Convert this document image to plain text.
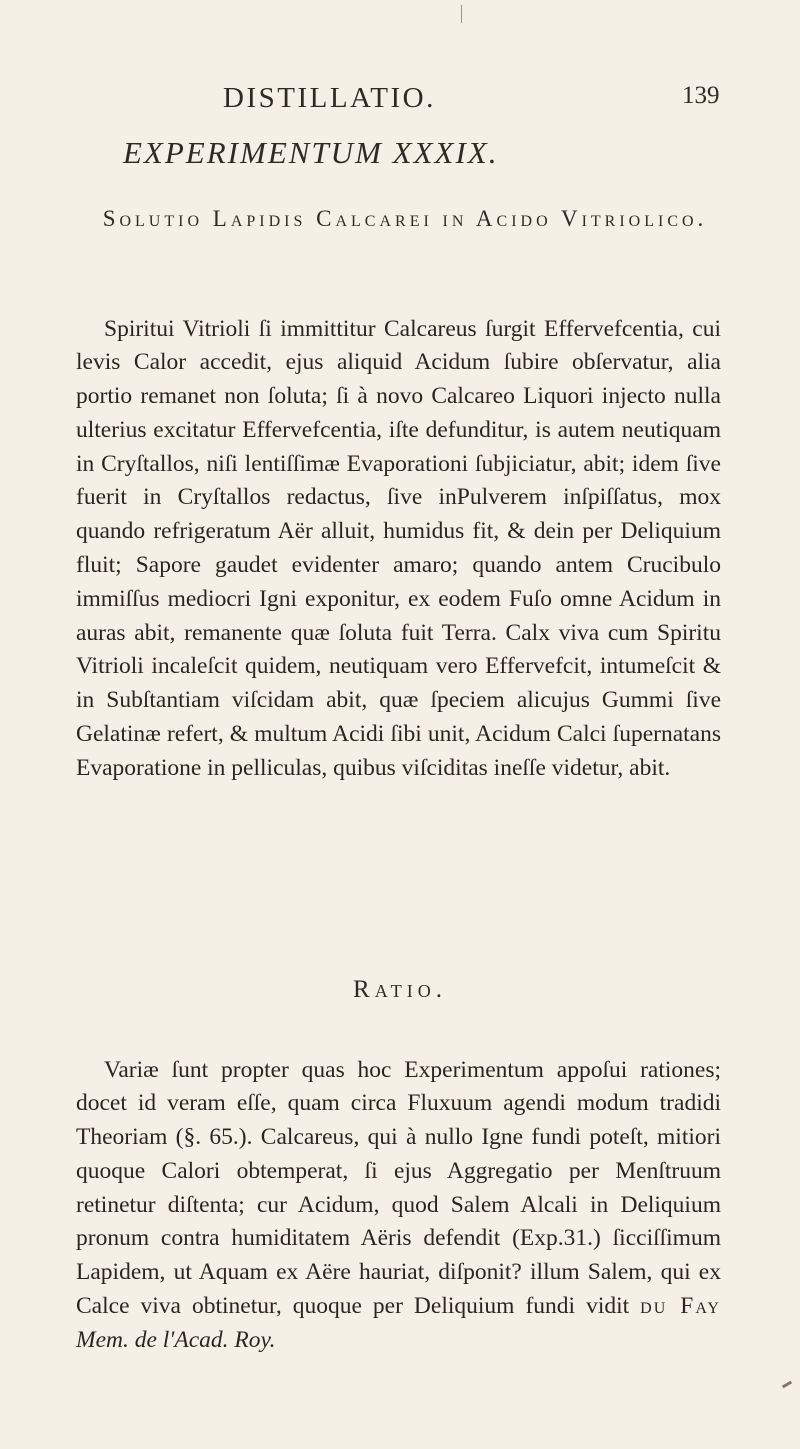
DISTILLATIO.	139
EXPERIMENTUM XXXIX.
Solutio Lapidis Calcarei in Acido Vitriolico.

Spiritui Vitrioli ſi immittitur Calcareus ſurgit Effervefcentia, cui levis Calor accedit, ejus aliquid Acidum ſubire obſervatur, alia portio remanet non ſoluta; ſi à novo Calcareo Liquori injecto nulla ulterius excitatur Effervefcentia, iſte defunditur, is autem neutiquam in Cryſtallos, niſi lentiſſimæ Evaporationi ſubjiciatur, abit; idem ſive fuerit in Cryſtallos redactus, ſive inPulverem inſpiſſatus, mox quando refrigeratum Aër alluit, humidus fit, & dein per Deliquium fluit; Sapore gaudet evidenter amaro; quando antem Crucibulo immiſſus mediocri Igni exponitur, ex eodem Fuſo omne Acidum in auras abit, remanente quæ ſoluta fuit Terra. Calx viva cum Spiritu Vitrioli incaleſcit quidem, neutiquam vero Effervefcit, intumeſcit & in Subſtantiam viſcidam abit, quæ ſpeciem alicujus Gummi ſive Gelatinæ refert, & multum Acidi ſibi unit, Acidum Calci ſupernatans Evaporatione in pelliculas, quibus viſciditas ineſſe videtur, abit.

Ratio.

Variæ ſunt propter quas hoc Experimentum appoſui rationes; docet id veram eſſe, quam circa Fluxuum agendi modum tradidi Theoriam (§. 65.). Calcareus, qui à nullo Igne fundi poteſt, mitiori quoque Calori obtemperat, ſi ejus Aggregatio per Menſtruum retinetur diſtenta; cur Acidum, quod Salem Alcali in Deliquium pronum contra humiditatem Aëris defendit (Exp.31.) ſicciſſimum Lapidem, ut Aquam ex Aëre hauriat, diſponit? illum Salem, qui ex Calce viva obtinetur, quoque per Deliquium fundi vidit du Fay Mem. de l'Acad. Roy.
